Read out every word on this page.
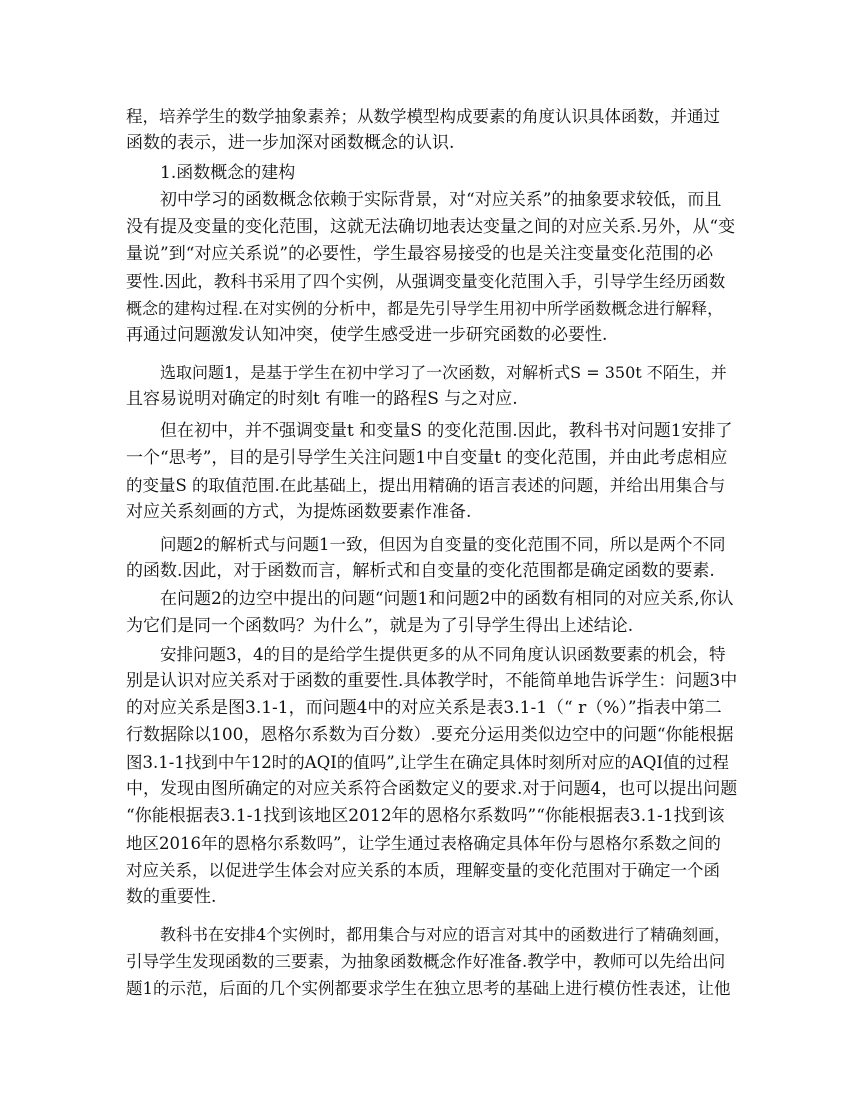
程，培养学生的数学抽象素养；从数学模型构成要素的角度认识具体函数，并通过
函数的表示，进一步加深对函数概念的认识.
1.函数概念的建构
初中学习的函数概念依赖于实际背景，对“对应关系”的抽象要求较低，而且
没有提及变量的变化范围，这就无法确切地表达变量之间的对应关系.另外，从“变
量说”到“对应关系说”的必要性，学生最容易接受的也是关注变量变化范围的必
要性.因此，教科书采用了四个实例，从强调变量变化范围入手，引导学生经历函数
概念的建构过程.在对实例的分析中，都是先引导学生用初中所学函数概念进行解释，
再通过问题激发认知冲突，使学生感受进一步研究函数的必要性.
选取问题1，是基于学生在初中学习了一次函数，对解析式S = 350t 不陌生，并
且容易说明对确定的时刻t 有唯一的路程S 与之对应.
但在初中，并不强调变量t 和变量S 的变化范围.因此，教科书对问题1安排了
一个“思考”，目的是引导学生关注问题1中自变量t 的变化范围，并由此考虑相应
的变量S 的取值范围.在此基础上，提出用精确的语言表述的问题，并给出用集合与
对应关系刻画的方式，为提炼函数要素作准备.
问题2的解析式与问题1一致，但因为自变量的变化范围不同，所以是两个不同
的函数.因此，对于函数而言，解析式和自变量的变化范围都是确定函数的要素.
在问题2的边空中提出的问题“问题1和问题2中的函数有相同的对应关系,你认
为它们是同一个函数吗？为什么”，就是为了引导学生得出上述结论.
安排问题3，4的目的是给学生提供更多的从不同角度认识函数要素的机会，特
别是认识对应关系对于函数的重要性.具体教学时，不能简单地告诉学生：问题3中
的对应关系是图3.1-1，而问题4中的对应关系是表3.1-1（“ r（%）”指表中第二
行数据除以100，恩格尔系数为百分数）.要充分运用类似边空中的问题“你能根据
图3.1-1找到中午12时的AQI的值吗”,让学生在确定具体时刻所对应的AQI值的过程
中，发现由图所确定的对应关系符合函数定义的要求.对于问题4，也可以提出问题
“你能根据表3.1-1找到该地区2012年的恩格尔系数吗”“你能根据表3.1-1找到该
地区2016年的恩格尔系数吗”，让学生通过表格确定具体年份与恩格尔系数之间的
对应关系，以促进学生体会对应关系的本质，理解变量的变化范围对于确定一个函
数的重要性.
教科书在安排4个实例时，都用集合与对应的语言对其中的函数进行了精确刻画，
引导学生发现函数的三要素，为抽象函数概念作好准备.教学中，教师可以先给出问
题1的示范，后面的几个实例都要求学生在独立思考的基础上进行模仿性表述，让他
